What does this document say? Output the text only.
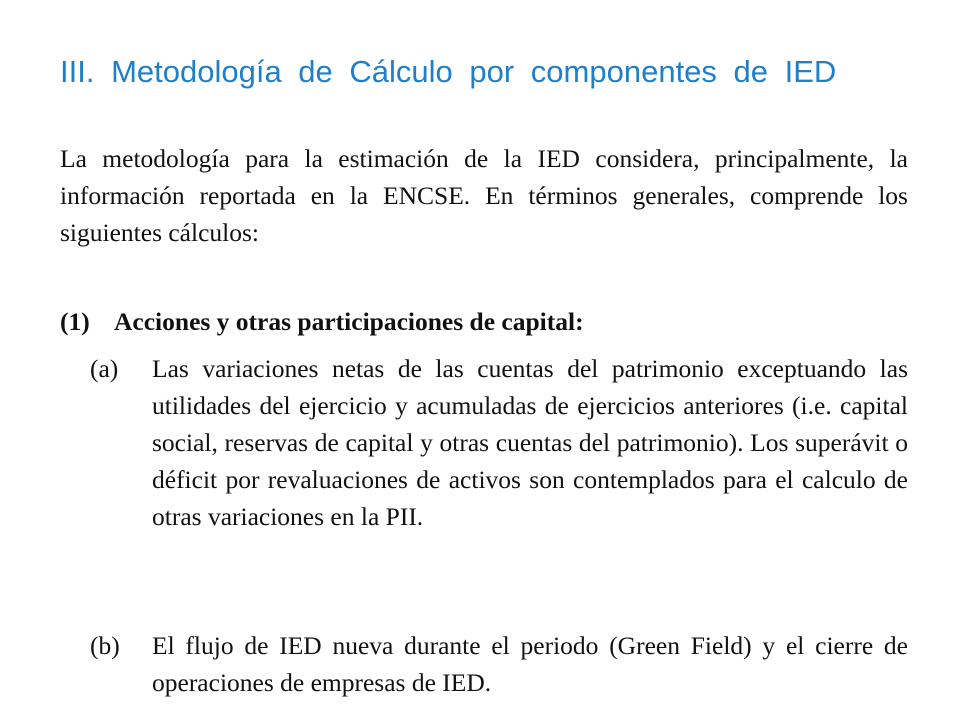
III. Metodología de Cálculo por componentes de IED
La metodología para la estimación de la IED considera, principalmente, la información reportada en la ENCSE. En términos generales, comprende los siguientes cálculos:
(1) Acciones y otras participaciones de capital:
(a) Las variaciones netas de las cuentas del patrimonio exceptuando las utilidades del ejercicio y acumuladas de ejercicios anteriores (i.e. capital social, reservas de capital y otras cuentas del patrimonio). Los superávit o déficit por revaluaciones de activos son contemplados para el calculo de otras variaciones en la PII.
(b) El flujo de IED nueva durante el periodo (Green Field) y el cierre de operaciones de empresas de IED.
